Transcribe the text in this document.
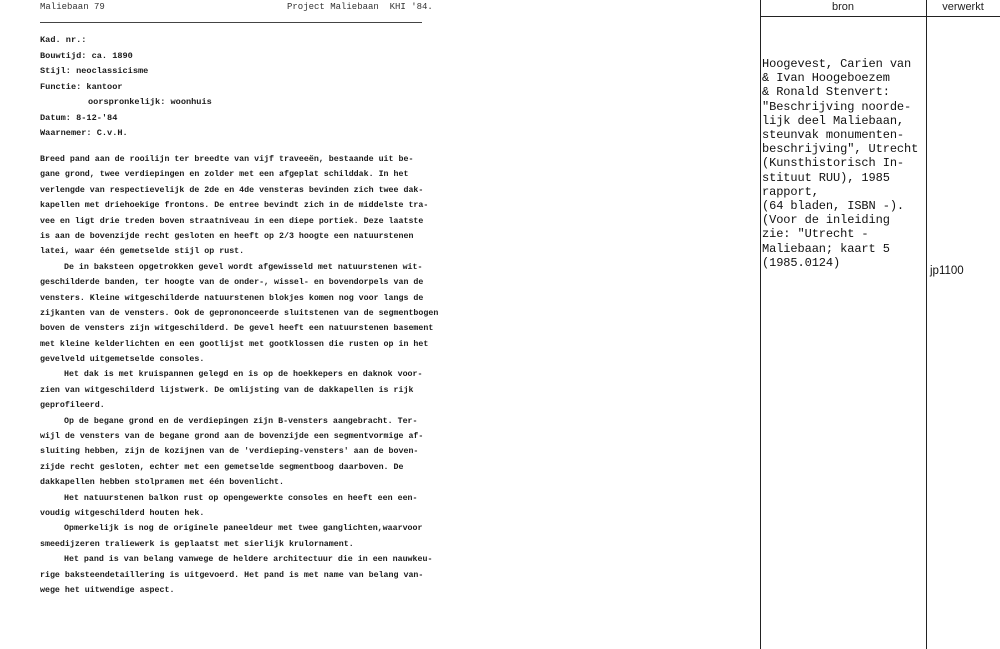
Maliebaan 79	Project Maliebaan  KHI '84.
Kad. nr.:
Bouwtijd: ca. 1890
Stijl: neoclassicisme
Functie: kantoor
oorspronkelijk: woonhuis
Datum: 8-12-'84
Waarnemer: C.v.H.
Breed pand aan de rooilijn ter breedte van vijf traveeën, bestaande uit be-
gane grond, twee verdiepingen en zolder met een afgeplat schilddak. In het
verlengde van respectievelijk de 2de en 4de vensteras bevinden zich twee dak-
kapellen met driehoekige frontons. De entree bevindt zich in de middelste tra-
vee en ligt drie treden boven straatniveau in een diepe portiek. Deze laatste
is aan de bovenzijde recht gesloten en heeft op 2/3 hoogte een natuurstenen
latei, waar één gemetselde stijl op rust.
De in baksteen opgetrokken gevel wordt afgewisseld met natuurstenen wit-
geschilderde banden, ter hoogte van de onder-, wissel- en bovendorpels van de
vensters. Kleine witgeschilderde natuurstenen blokjes komen nog voor langs de
zijkanten van de vensters. Ook de geprononceerde sluitstenen van de segmentbogen
boven de vensters zijn witgeschilderd. De gevel heeft een natuurstenen basement
met kleine kelderlichten en een gootlijst met gootklossen die rusten op in het
gevelveld uitgemetselde consoles.
Het dak is met kruispannen gelegd en is op de hoekkepers en daknok voor-
zien van witgeschilderd lijstwerk. De omlijsting van de dakkapellen is rijk
geprofileerd.
Op de begane grond en de verdiepingen zijn B-vensters aangebracht. Ter-
wijl de vensters van de begane grond aan de bovenzijde een segmentvormige af-
sluiting hebben, zijn de kozijnen van de 'verdieping-vensters' aan de boven-
zijde recht gesloten, echter met een gemetselde segmentboog daarboven. De
dakkapellen hebben stolpramen met één bovenlicht.
Het natuurstenen balkon rust op opengewerkte consoles en heeft een een-
voudig witgeschilderd houten hek.
Opmerkelijk is nog de originele paneeldeur met twee ganglichten,waarvoor
smeedijzeren traliewerk is geplaatst met sierlijk krulornament.
Het pand is van belang vanwege de heldere architectuur die in een nauwkeu-
rige baksteendetaillering is uitgevoerd. Het pand is met name van belang van-
wege het uitwendige aspect.
bron	verwerkt
Hoogevest, Carien van
& Ivan Hoogeboezem
& Ronald Stenvert:
"Beschrijving noorde-
lijk deel Maliebaan,
steunvak monumenten-
beschrijving", Utrecht
(Kunsthistorisch In-
stituut RUU), 1985
rapport,
(64 bladen, ISBN -).
(Voor de inleiding
zie: "Utrecht -
Maliebaan; kaart 5
(1985.0124)
jp1100
